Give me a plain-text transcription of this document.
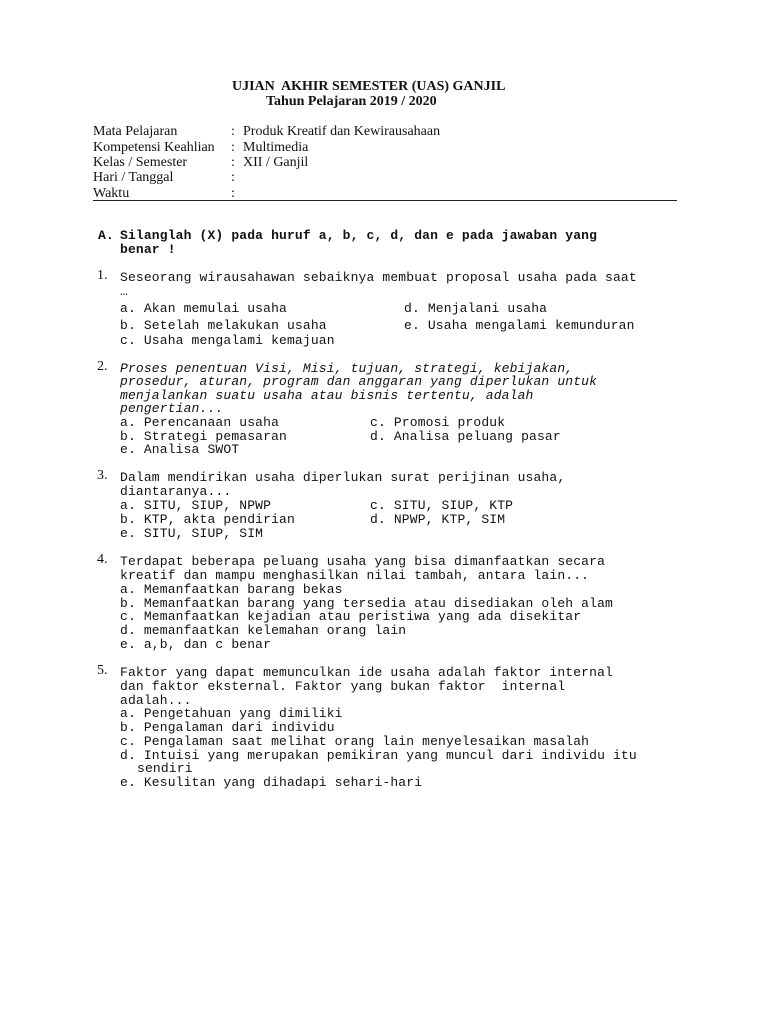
UJIAN  AKHIR SEMESTER (UAS) GANJIL
Tahun Pelajaran 2019 / 2020
Mata Pelajaran	: Produk Kreatif dan Kewirausahaan
Kompetensi Keahlian : Multimedia
Kelas / Semester	: XII / Ganjil
Hari / Tanggal	:
Waktu	:
A. Silanglah (X) pada huruf a, b, c, d, dan e pada jawaban yang
benar !
1. Seseorang wirausahawan sebaiknya membuat proposal usaha pada saat
…
a. Akan memulai usaha	d. Menjalani usaha
b. Setelah melakukan usaha	e. Usaha mengalami kemunduran
c. Usaha mengalami kemajuan
2. Proses penentuan Visi, Misi, tujuan, strategi, kebijakan,
prosedur, aturan, program dan anggaran yang diperlukan untuk
menjalankan suatu usaha atau bisnis tertentu, adalah
pengertian...
a. Perencanaan usaha	c. Promosi produk
b. Strategi pemasaran	d. Analisa peluang pasar
e. Analisa SWOT
3. Dalam mendirikan usaha diperlukan surat perijinan usaha,
diantaranya...
a. SITU, SIUP, NPWP	c. SITU, SIUP, KTP
b. KTP, akta pendirian	d. NPWP, KTP, SIM
e. SITU, SIUP, SIM
4. Terdapat beberapa peluang usaha yang bisa dimanfaatkan secara
kreatif dan mampu menghasilkan nilai tambah, antara lain...
a. Memanfaatkan barang bekas
b. Memanfaatkan barang yang tersedia atau disediakan oleh alam
c. Memanfaatkan kejadian atau peristiwa yang ada disekitar
d. memanfaatkan kelemahan orang lain
e. a,b, dan c benar
5. Faktor yang dapat memunculkan ide usaha adalah faktor internal
dan faktor eksternal. Faktor yang bukan faktor  internal
adalah...
a. Pengetahuan yang dimiliki
b. Pengalaman dari individu
c. Pengalaman saat melihat orang lain menyelesaikan masalah
d. Intuisi yang merupakan pemikiran yang muncul dari individu itu
sendiri
e. Kesulitan yang dihadapi sehari-hari
